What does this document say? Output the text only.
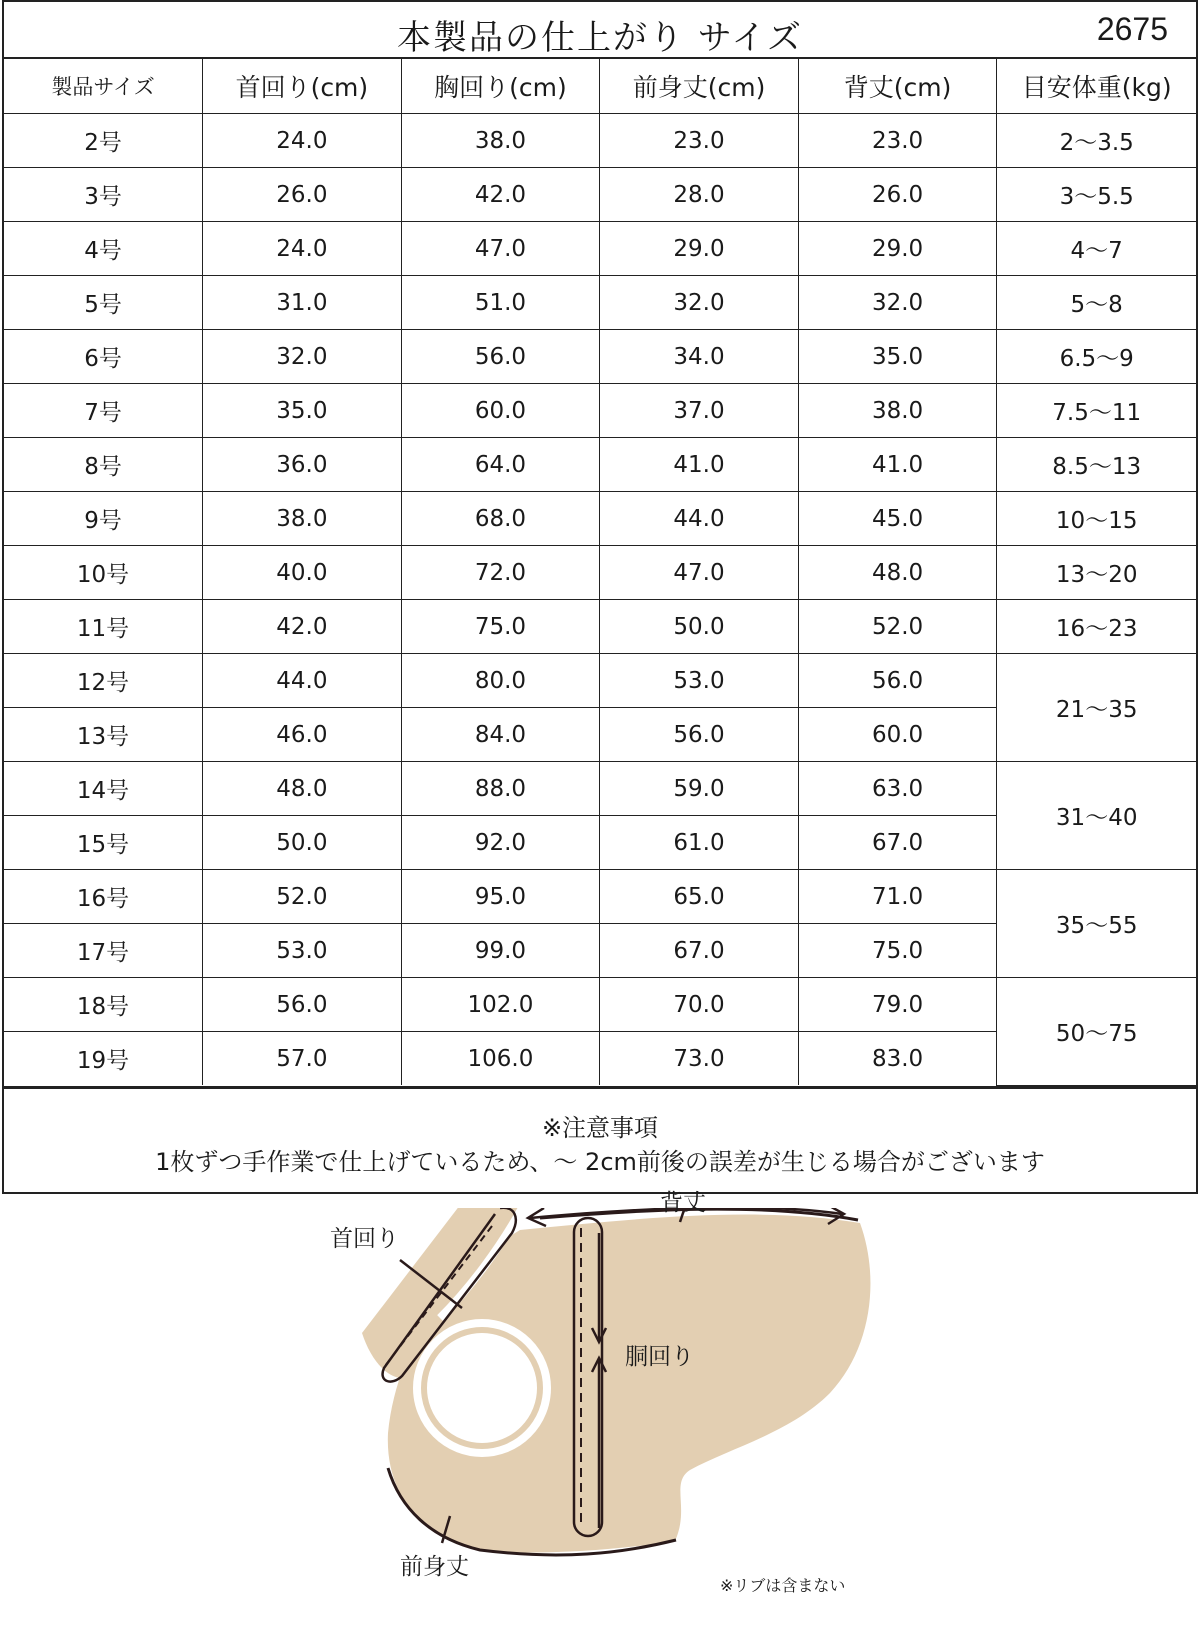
本製品の仕上がり サイズ	2675
製品サイズ	首回り(cm)	胸回り(cm)	前身丈(cm)	背丈(cm)	目安体重(kg)
2号	24.0	38.0	23.0	23.0	2〜3.5
3号	26.0	42.0	28.0	26.0	3〜5.5
4号	24.0	47.0	29.0	29.0	4〜7
5号	31.0	51.0	32.0	32.0	5〜8
6号	32.0	56.0	34.0	35.0	6.5〜9
7号	35.0	60.0	37.0	38.0	7.5〜11
8号	36.0	64.0	41.0	41.0	8.5〜13
9号	38.0	68.0	44.0	45.0	10〜15
10号	40.0	72.0	47.0	48.0	13〜20
11号	42.0	75.0	50.0	52.0	16〜23
12号	44.0	80.0	53.0	56.0	21〜35
13号	46.0	84.0	56.0	60.0	
14号	48.0	88.0	59.0	63.0	31〜40
15号	50.0	92.0	61.0	67.0	
16号	52.0	95.0	65.0	71.0	35〜55
17号	53.0	99.0	67.0	75.0	
18号	56.0	102.0	70.0	79.0	50〜75
19号	57.0	106.0	73.0	83.0	
※注意事項
1枚ずつ手作業で仕上げているため、〜 2cm前後の誤差が生じる場合がございます
背丈
首回り
胴回り
前身丈
※リブは含まない
